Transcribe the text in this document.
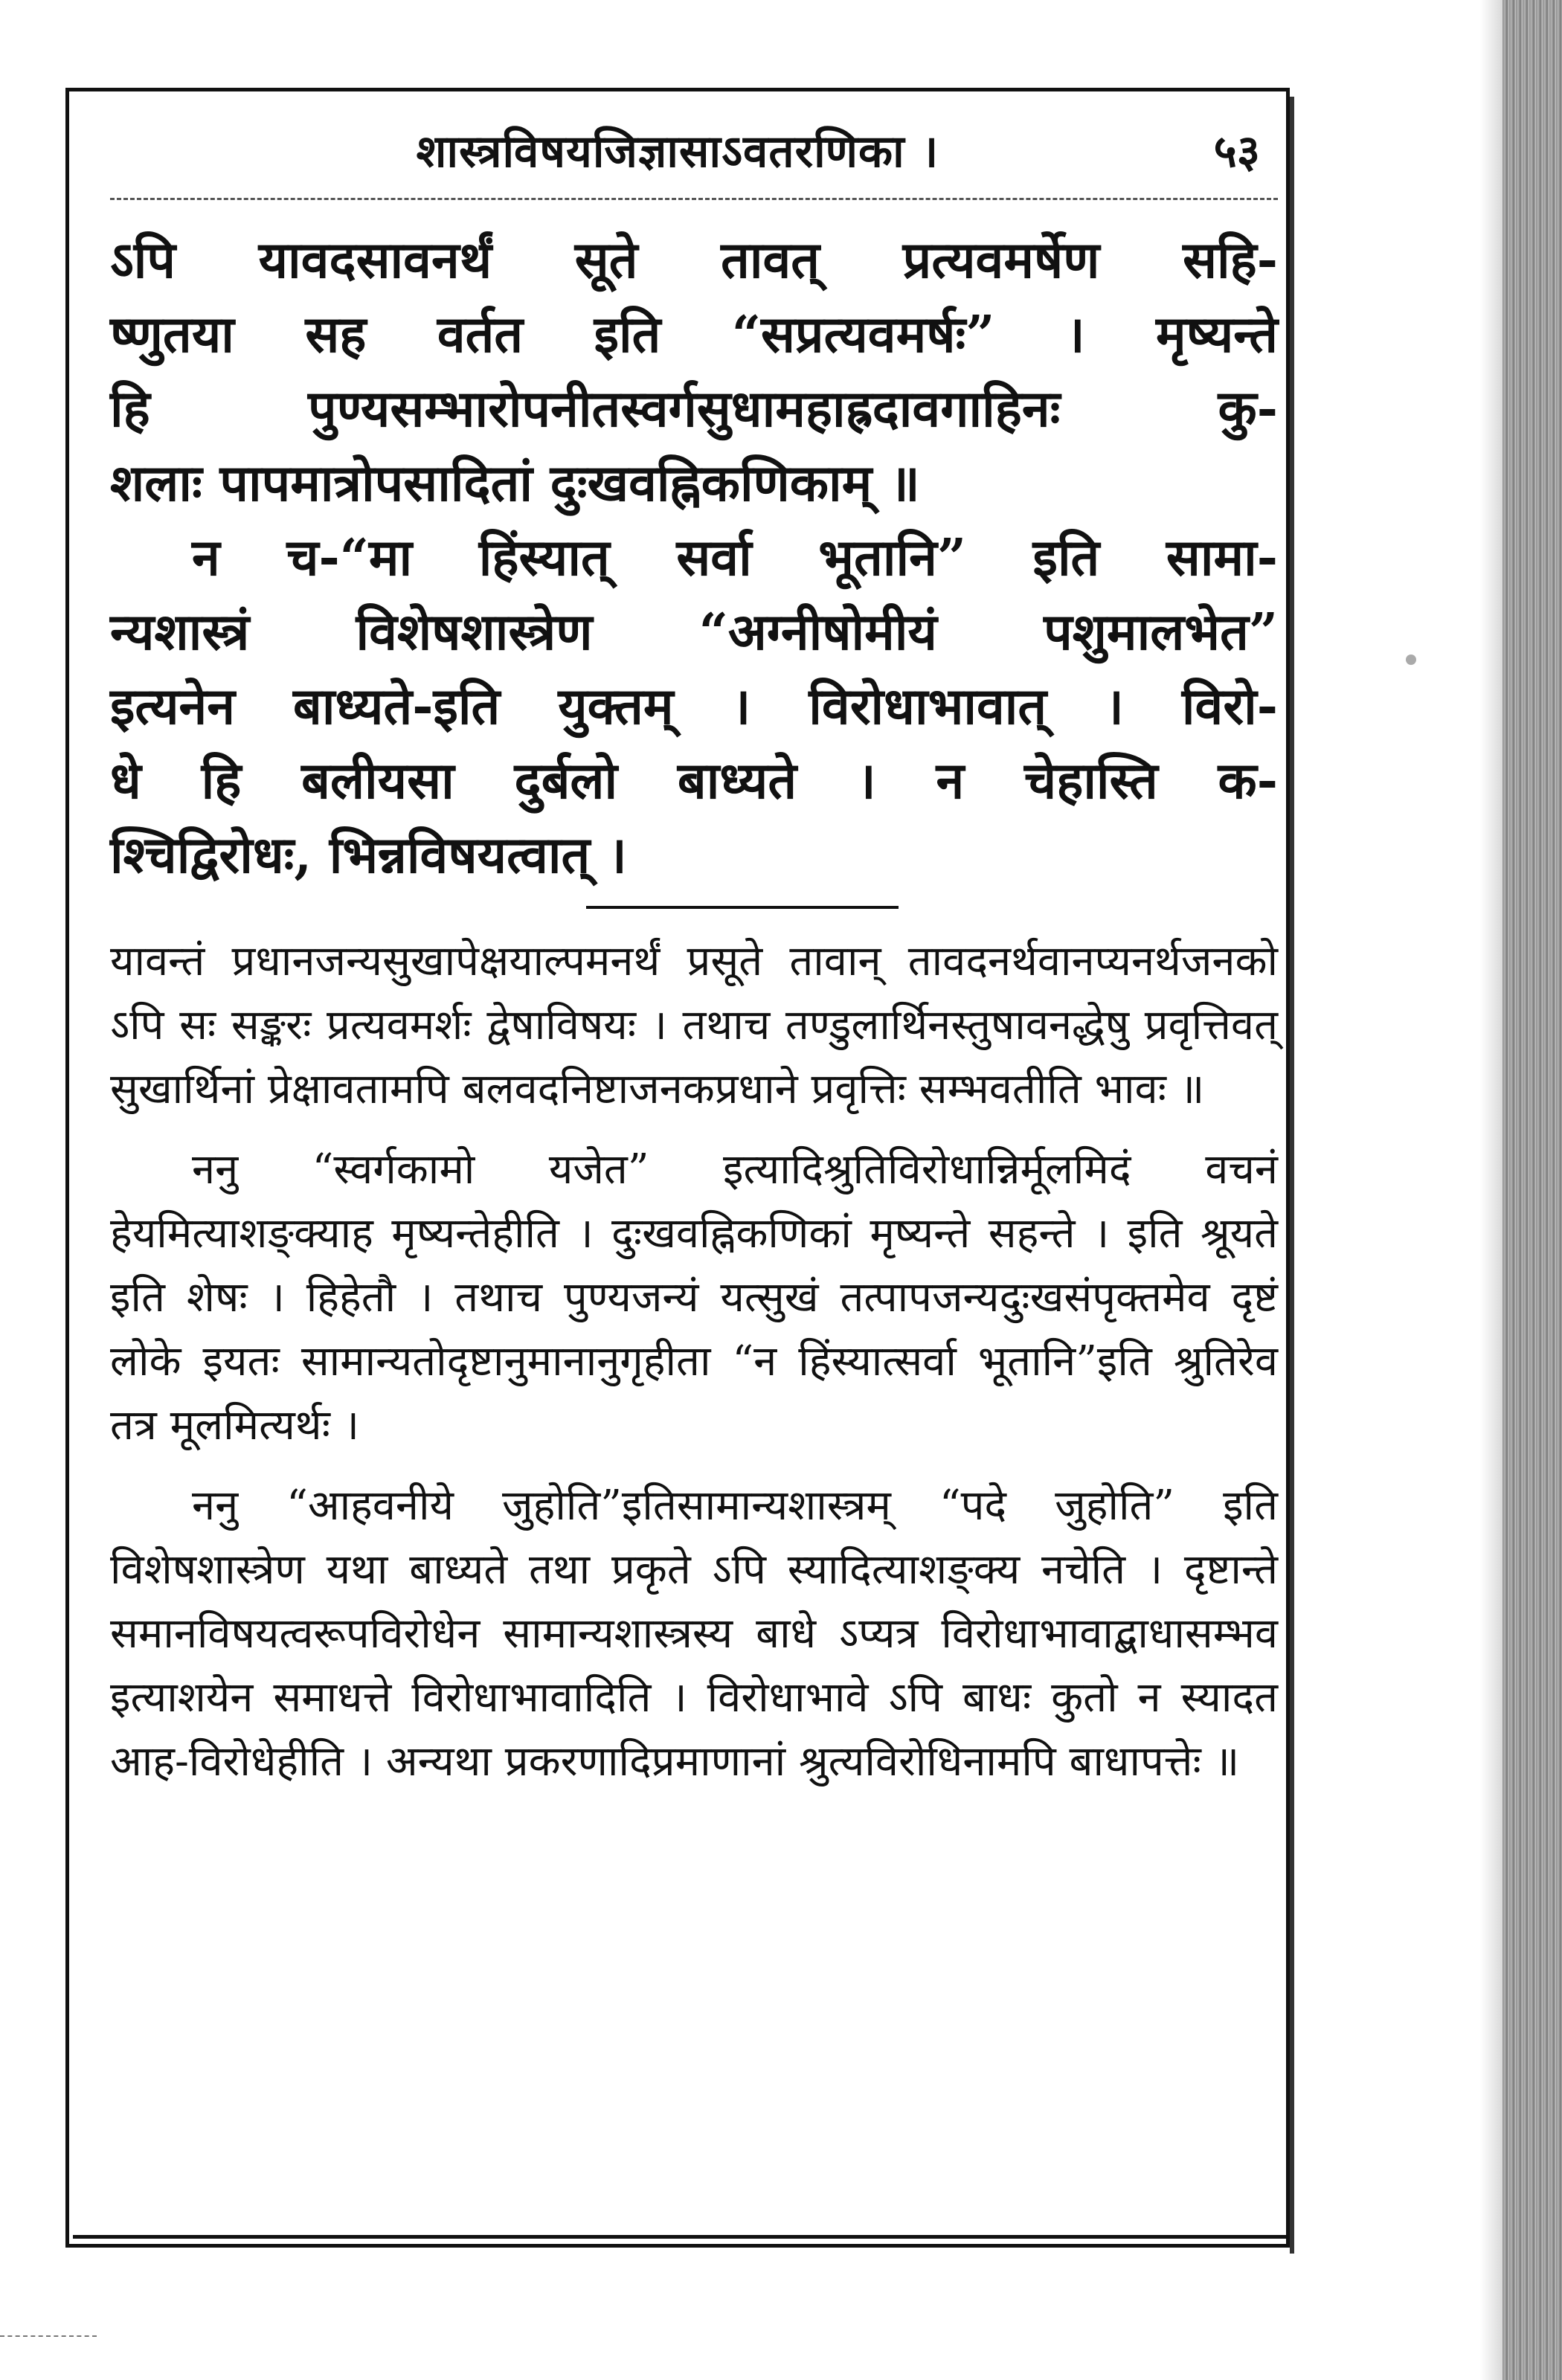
शास्त्रविषयजिज्ञासाऽवतरणिका ।	५३

ऽपि यावदसावनर्थं सूते तावत् प्रत्यवमर्षेण सहि-

ष्णुतया सह वर्तत इति “सप्रत्यवमर्षः” । मृष्यन्ते

हि पुण्यसम्भारोपनीतस्वर्गसुधामहाह्रदावगाहिनः कु-

शलाः पापमात्रोपसादितां दुःखवह्निकणिकाम् ॥

न च-“मा हिंस्यात् सर्वा भूतानि” इति सामा-

न्यशास्त्रं विशेषशास्त्रेण “अग्नीषोमीयं पशुमालभेत”

इत्यनेन बाध्यते-इति युक्तम् । विरोधाभावात् । विरो-

धे हि बलीयसा दुर्बलो बाध्यते । न चेहास्ति क-

श्चिद्विरोधः, भिन्नविषयत्वात् ।

यावन्तं प्रधानजन्यसुखापेक्षयाल्पमनर्थं प्रसूते तावान् तावदनर्थवानप्यनर्थजनको ऽपि सः सङ्करः प्रत्यवमर्शः द्वेषाविषयः । तथाच तण्डुलार्थिनस्तुषावनद्धेषु प्रवृत्तिवत् सुखार्थिनां प्रेक्षावतामपि बलवदनिष्टाजनकप्रधाने प्रवृत्तिः सम्भवतीति भावः ॥

ननु “स्वर्गकामो यजेत” इत्यादिश्रुतिविरोधान्निर्मूलमिदं वचनं हेयमित्याशङ्क्याह मृष्यन्तेहीति । दुःखवह्निकणिकां मृष्यन्ते सहन्ते । इति श्रूयते इति शेषः । हिहेतौ । तथाच पुण्यजन्यं यत्सुखं तत्पापजन्यदुःखसंपृक्तमेव दृष्टं लोके इयतः सामान्यतोदृष्टानुमानानुगृहीता “न हिंस्यात्सर्वा भूतानि”इति श्रुतिरेव तत्र मूलमित्यर्थः ।

ननु “आहवनीये जुहोति”इतिसामान्यशास्त्रम् “पदे जुहोति” इति विशेषशास्त्रेण यथा बाध्यते तथा प्रकृते ऽपि स्यादित्याशङ्क्य नचेति । दृष्टान्ते समानविषयत्वरूपविरोधेन सामान्यशास्त्रस्य बाधे ऽप्यत्र विरोधाभावाद्बाधासम्भव इत्याशयेन समाधत्ते विरोधाभावादिति । विरोधाभावे ऽपि बाधः कुतो न स्यादत आह-विरोधेहीति । अन्यथा प्रकरणादिप्रमाणानां श्रुत्यविरोधिनामपि बाधापत्तेः ॥
